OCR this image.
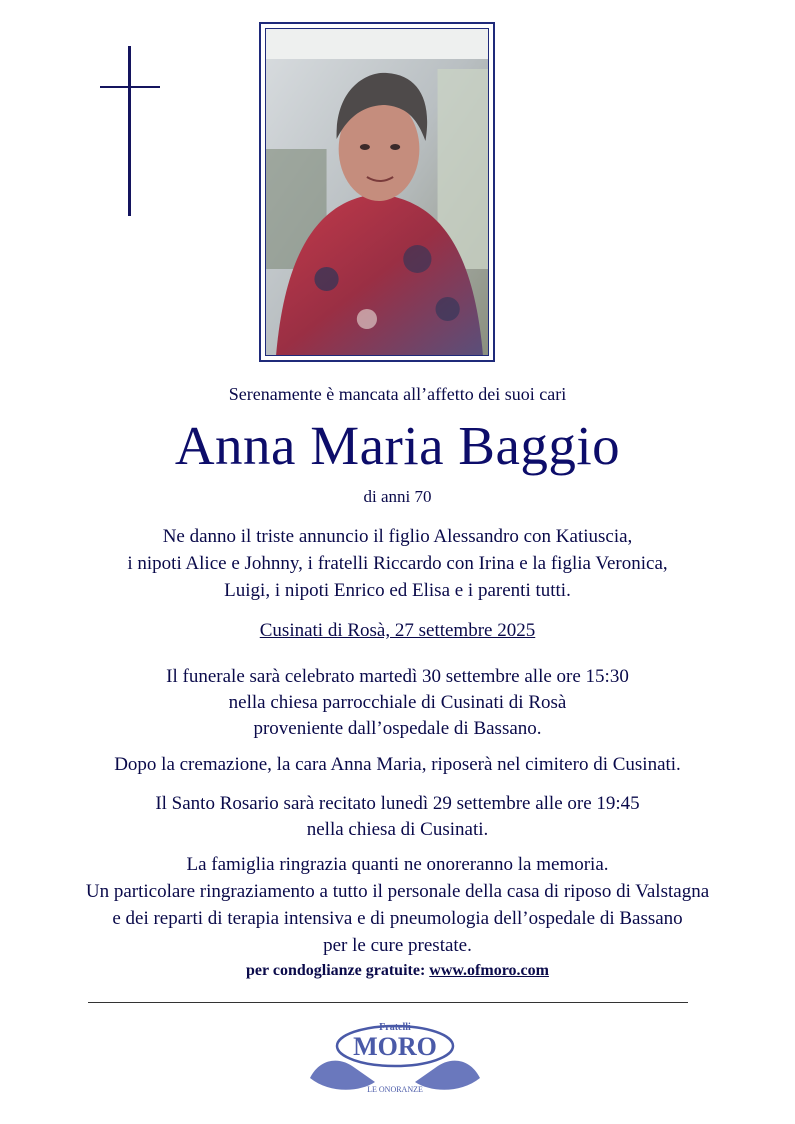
Serenamente è mancata all’affetto dei suoi cari
Anna Maria Baggio
di anni 70
Ne danno il triste annuncio il figlio Alessandro con Katiuscia,
i nipoti Alice e Johnny, i fratelli Riccardo con Irina e la figlia Veronica,
Luigi, i nipoti Enrico ed Elisa e i parenti tutti.
Cusinati di Rosà, 27 settembre 2025
Il funerale sarà celebrato martedì 30 settembre alle ore 15:30
nella chiesa parrocchiale di Cusinati di Rosà
proveniente dall’ospedale di Bassano.
Dopo la cremazione, la cara Anna Maria, riposerà nel cimitero di Cusinati.
Il Santo Rosario sarà recitato lunedì 29 settembre alle ore 19:45
nella chiesa di Cusinati.
La famiglia ringrazia quanti ne onoreranno la memoria.
Un particolare ringraziamento a tutto il personale della casa di riposo di Valstagna
e dei reparti di terapia intensiva e di pneumologia dell’ospedale di Bassano
per le cure prestate.
per condoglianze gratuite: www.ofmoro.com
Fratelli
MORO
LE ONORANZE
